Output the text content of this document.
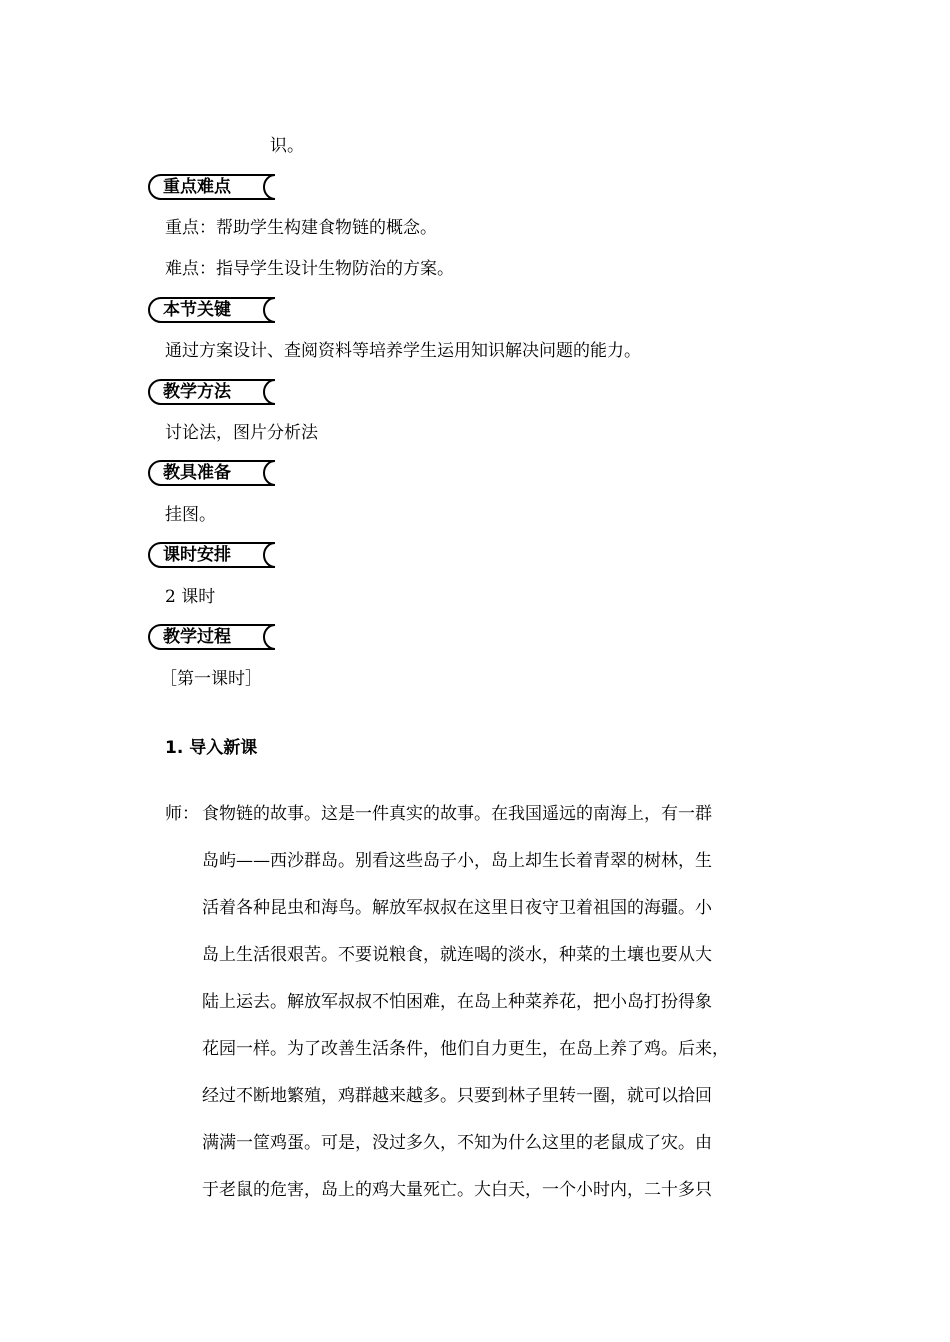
识。
重点难点
重点：帮助学生构建食物链的概念。
难点：指导学生设计生物防治的方案。
本节关键
通过方案设计、查阅资料等培养学生运用知识解决问题的能力。
教学方法
讨论法，图片分析法
教具准备
挂图。
课时安排
2 课时
教学过程
［第一课时］
1. 导入新课
师： 食物链的故事。这是一件真实的故事。在我国遥远的南海上，有一群
岛屿——西沙群岛。别看这些岛子小，岛上却生长着青翠的树林，生
活着各种昆虫和海鸟。解放军叔叔在这里日夜守卫着祖国的海疆。小
岛上生活很艰苦。不要说粮食，就连喝的淡水，种菜的土壤也要从大
陆上运去。解放军叔叔不怕困难，在岛上种菜养花，把小岛打扮得象
花园一样。为了改善生活条件，他们自力更生，在岛上养了鸡。后来，
经过不断地繁殖，鸡群越来越多。只要到林子里转一圈，就可以拾回
满满一筐鸡蛋。可是，没过多久，不知为什么这里的老鼠成了灾。由
于老鼠的危害，岛上的鸡大量死亡。大白天，一个小时内，二十多只
